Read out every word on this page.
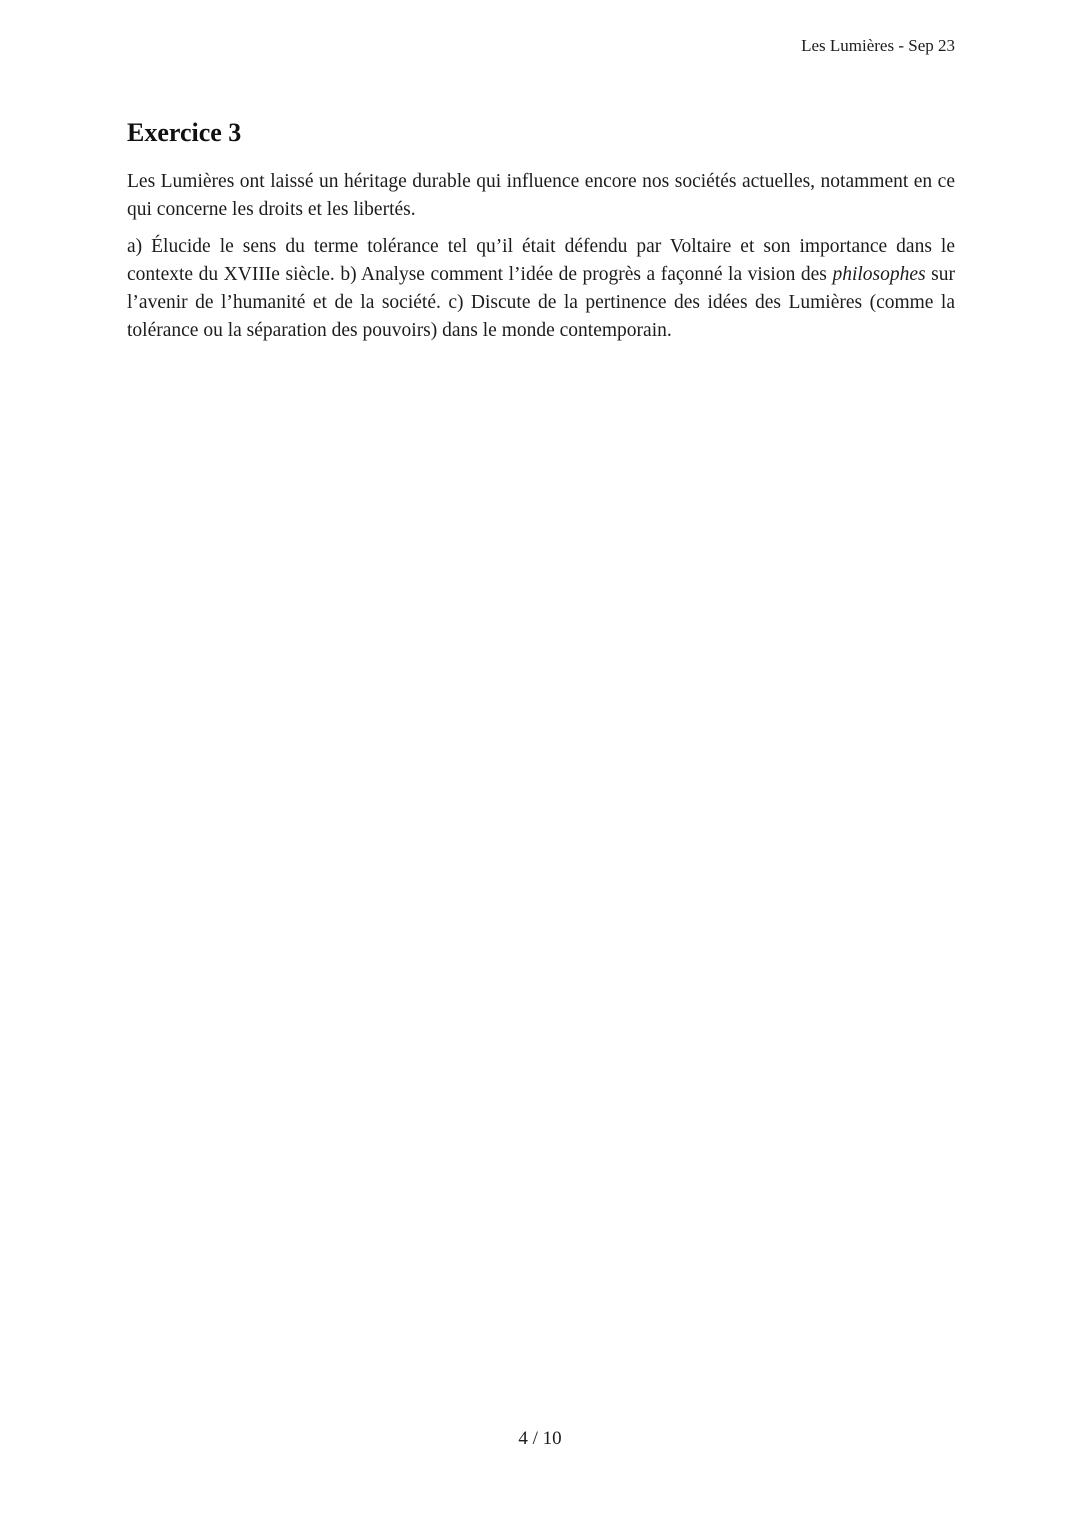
Les Lumières - Sep 23
Exercice 3

Les Lumières ont laissé un héritage durable qui influence encore nos sociétés actuelles, notamment en ce qui concerne les droits et les libertés.

a) Élucide le sens du terme tolérance tel qu’il était défendu par Voltaire et son importance dans le contexte du XVIIIe siècle. b) Analyse comment l’idée de progrès a façonné la vision des philosophes sur l’avenir de l’humanité et de la société. c) Discute de la pertinence des idées des Lumières (comme la tolérance ou la séparation des pouvoirs) dans le monde contemporain.

4 / 10
